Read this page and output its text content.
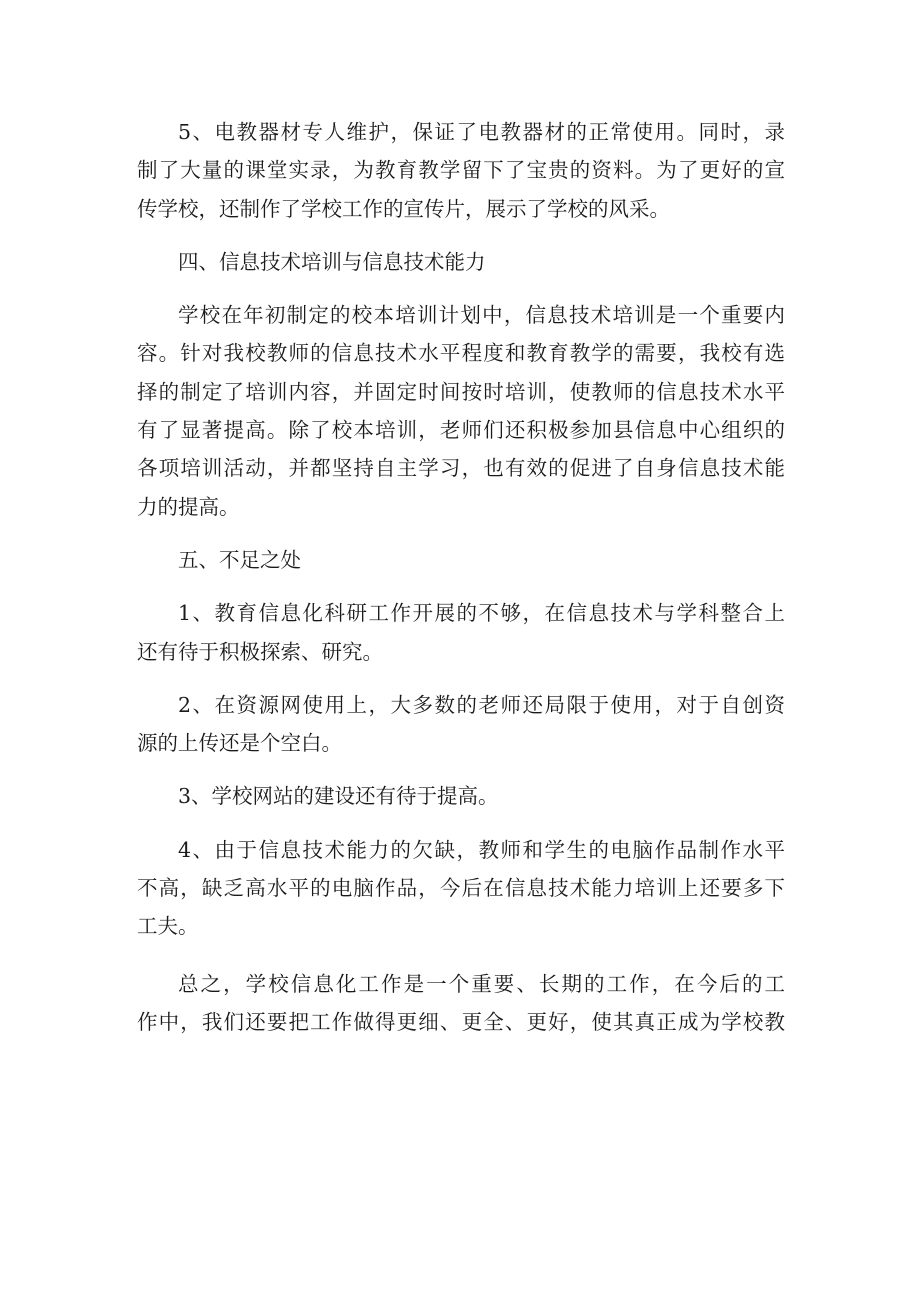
5、电教器材专人维护，保证了电教器材的正常使用。同时，录
制了大量的课堂实录，为教育教学留下了宝贵的资料。为了更好的宣
传学校，还制作了学校工作的宣传片，展示了学校的风采。

四、信息技术培训与信息技术能力

学校在年初制定的校本培训计划中，信息技术培训是一个重要内
容。针对我校教师的信息技术水平程度和教育教学的需要，我校有选
择的制定了培训内容，并固定时间按时培训，使教师的信息技术水平
有了显著提高。除了校本培训，老师们还积极参加县信息中心组织的
各项培训活动，并都坚持自主学习，也有效的促进了自身信息技术能
力的提高。

五、不足之处

1、教育信息化科研工作开展的不够，在信息技术与学科整合上
还有待于积极探索、研究。

2、在资源网使用上，大多数的老师还局限于使用，对于自创资
源的上传还是个空白。

3、学校网站的建设还有待于提高。

4、由于信息技术能力的欠缺，教师和学生的电脑作品制作水平
不高，缺乏高水平的电脑作品，今后在信息技术能力培训上还要多下
工夫。

总之，学校信息化工作是一个重要、长期的工作，在今后的工
作中，我们还要把工作做得更细、更全、更好，使其真正成为学校教
